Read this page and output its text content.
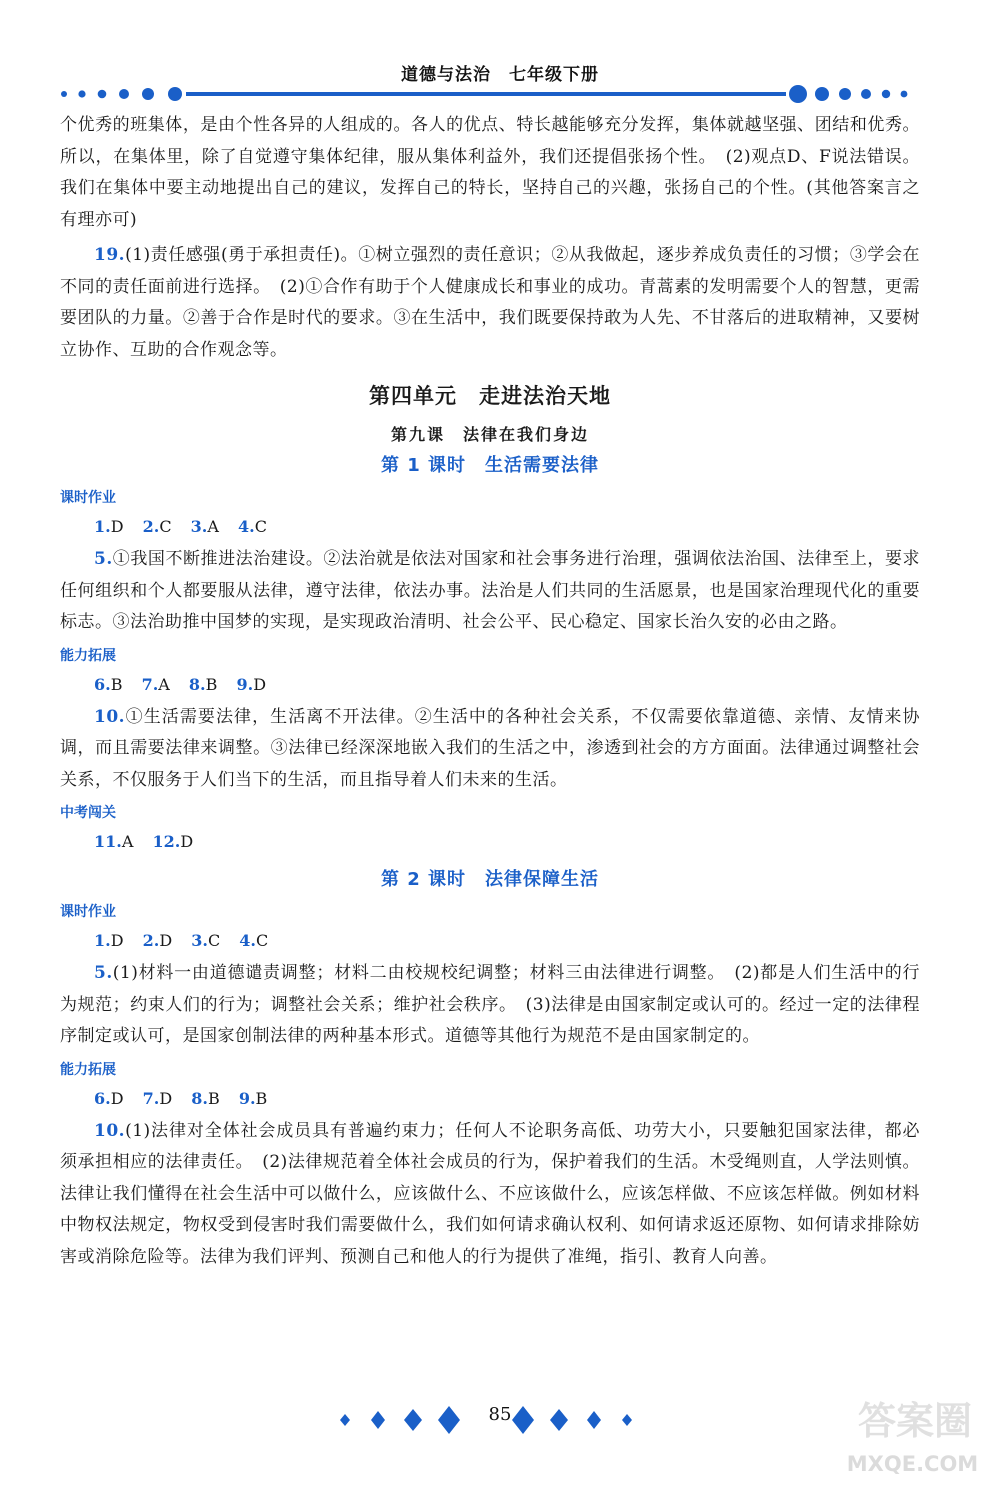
道德与法治　七年级下册

个优秀的班集体，是由个性各异的人组成的。各人的优点、特长越能够充分发挥，集体就越坚强、团结和优秀。所以，在集体里，除了自觉遵守集体纪律，服从集体利益外，我们还提倡张扬个性。　(2)观点D、F说法错误。我们在集体中要主动地提出自己的建议，发挥自己的特长，坚持自己的兴趣，张扬自己的个性。(其他答案言之有理亦可)

19.(1)责任感强(勇于承担责任)。①树立强烈的责任意识；②从我做起，逐步养成负责任的习惯；③学会在不同的责任面前进行选择。　(2)①合作有助于个人健康成长和事业的成功。青蒿素的发明需要个人的智慧，更需要团队的力量。②善于合作是时代的要求。③在生活中，我们既要保持敢为人先、不甘落后的进取精神，又要树立协作、互助的合作观念等。

第四单元　走进法治天地
第九课　法律在我们身边
第 1 课时　生活需要法律
课时作业
1.D 2.C 3.A 4.C

5.①我国不断推进法治建设。②法治就是依法对国家和社会事务进行治理，强调依法治国、法律至上，要求任何组织和个人都要服从法律，遵守法律，依法办事。法治是人们共同的生活愿景，也是国家治理现代化的重要标志。③法治助推中国梦的实现，是实现政治清明、社会公平、民心稳定、国家长治久安的必由之路。

能力拓展
6.B 7.A 8.B 9.D

10.①生活需要法律，生活离不开法律。②生活中的各种社会关系，不仅需要依靠道德、亲情、友情来协调，而且需要法律来调整。③法律已经深深地嵌入我们的生活之中，渗透到社会的方方面面。法律通过调整社会关系，不仅服务于人们当下的生活，而且指导着人们未来的生活。

中考闯关
11.A 12.D
第 2 课时　法律保障生活
课时作业
1.D 2.D 3.C 4.C

5.(1)材料一由道德谴责调整；材料二由校规校纪调整；材料三由法律进行调整。　(2)都是人们生活中的行为规范；约束人们的行为；调整社会关系；维护社会秩序。　(3)法律是由国家制定或认可的。经过一定的法律程序制定或认可，是国家创制法律的两种基本形式。道德等其他行为规范不是由国家制定的。

能力拓展
6.D 7.D 8.B 9.B

10.(1)法律对全体社会成员具有普遍约束力；任何人不论职务高低、功劳大小，只要触犯国家法律，都必须承担相应的法律责任。　(2)法律规范着全体社会成员的行为，保护着我们的生活。木受绳则直，人学法则慎。法律让我们懂得在社会生活中可以做什么，应该做什么、不应该做什么，应该怎样做、不应该怎样做。例如材料中物权法规定，物权受到侵害时我们需要做什么，我们如何请求确认权利、如何请求返还原物、如何请求排除妨害或消除危险等。法律为我们评判、预测自己和他人的行为提供了准绳，指引、教育人向善。

85	答案圈
MXQE.COM
